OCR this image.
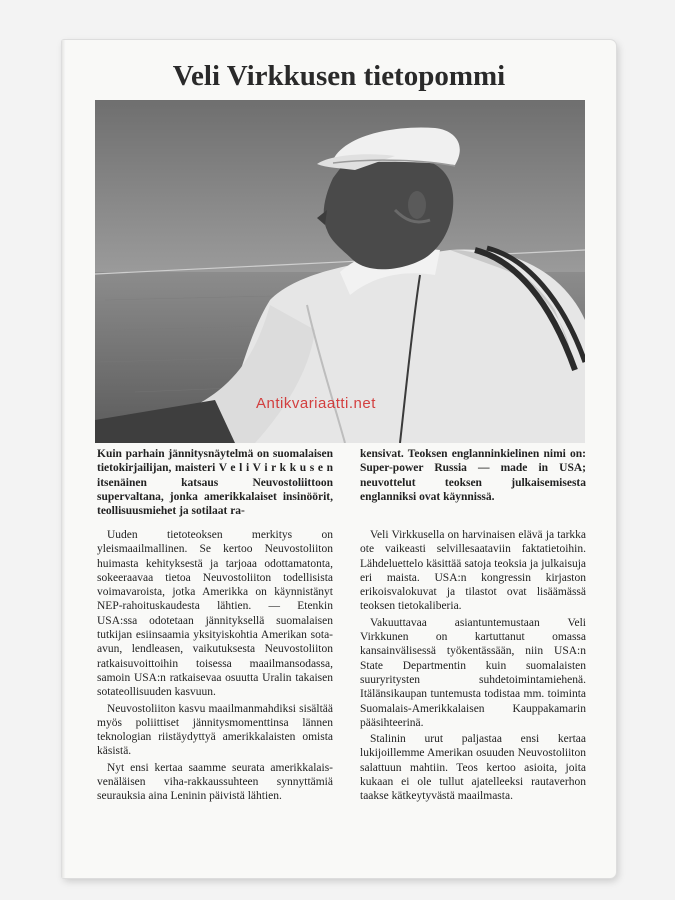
Veli Virkkusen tietopommi
Antikvariaatti.net
Kuin parhain jännitysnäytelmä on suomalaisen tietokirjailijan, maisteri V e l i V i r k k u s e n itsenäinen katsaus Neuvostoliittoon supervaltana, jonka amerikkalaiset insinöörit, teollisuusmiehet ja sotilaat ra-
kensivat. Teoksen englanninkielinen nimi on: Super-power Russia — made in USA; neuvottelut teoksen julkaisemisesta englanniksi ovat käynnissä.

Uuden tietoteoksen merkitys on yleismaailmallinen. Se kertoo Neuvostoliiton huimasta kehityksestä ja tarjoaa odottamatonta, sokeeraavaa tietoa Neuvostoliiton todellisista voimavaroista, jotka Amerikka on käynnistänyt NEP-rahoituskaudesta lähtien. — Etenkin USA:ssa odotetaan jännityksellä suomalaisen tutkijan esiinsaamia yksityiskohtia Amerikan sota-avun, lendleasen, vaikutuksesta Neuvostoliiton ratkaisuvoittoihin toisessa maailmansodassa, samoin USA:n ratkaisevaa osuutta Uralin takaisen sotateollisuuden kasvuun.

Neuvostoliiton kasvu maailmanmahdiksi sisältää myös poliittiset jännitysmomenttinsa lännen teknologian riistäydyttyä amerikkalaisten omista käsistä.

Nyt ensi kertaa saamme seurata amerikkalais-venäläisen viha-rakkaussuhteen synnyttämiä seurauksia aina Leninin päivistä lähtien.

Veli Virkkusella on harvinaisen elävä ja tarkka ote vaikeasti selvillesaataviin faktatietoihin. Lähdeluettelo käsittää satoja teoksia ja julkaisuja eri maista. USA:n kongressin kirjaston erikoisvalokuvat ja tilastot ovat lisäämässä teoksen tietokaliberia.

Vakuuttavaa asiantuntemustaan Veli Virkkunen on kartuttanut omassa kansainvälisessä työkentässään, niin USA:n State Departmentin kuin suomalaisten suuryritysten suhdetoimintamiehenä. Itälänsikaupan tuntemusta todistaa mm. toiminta Suomalais-Amerikkalaisen Kauppakamarin pääsihteerinä.

Stalinin urut paljastaa ensi kertaa lukijoillemme Amerikan osuuden Neuvostoliiton salattuun mahtiin. Teos kertoo asioita, joita kukaan ei ole tullut ajatelleeksi rautaverhon taakse kätkeytyvästä maailmasta.
